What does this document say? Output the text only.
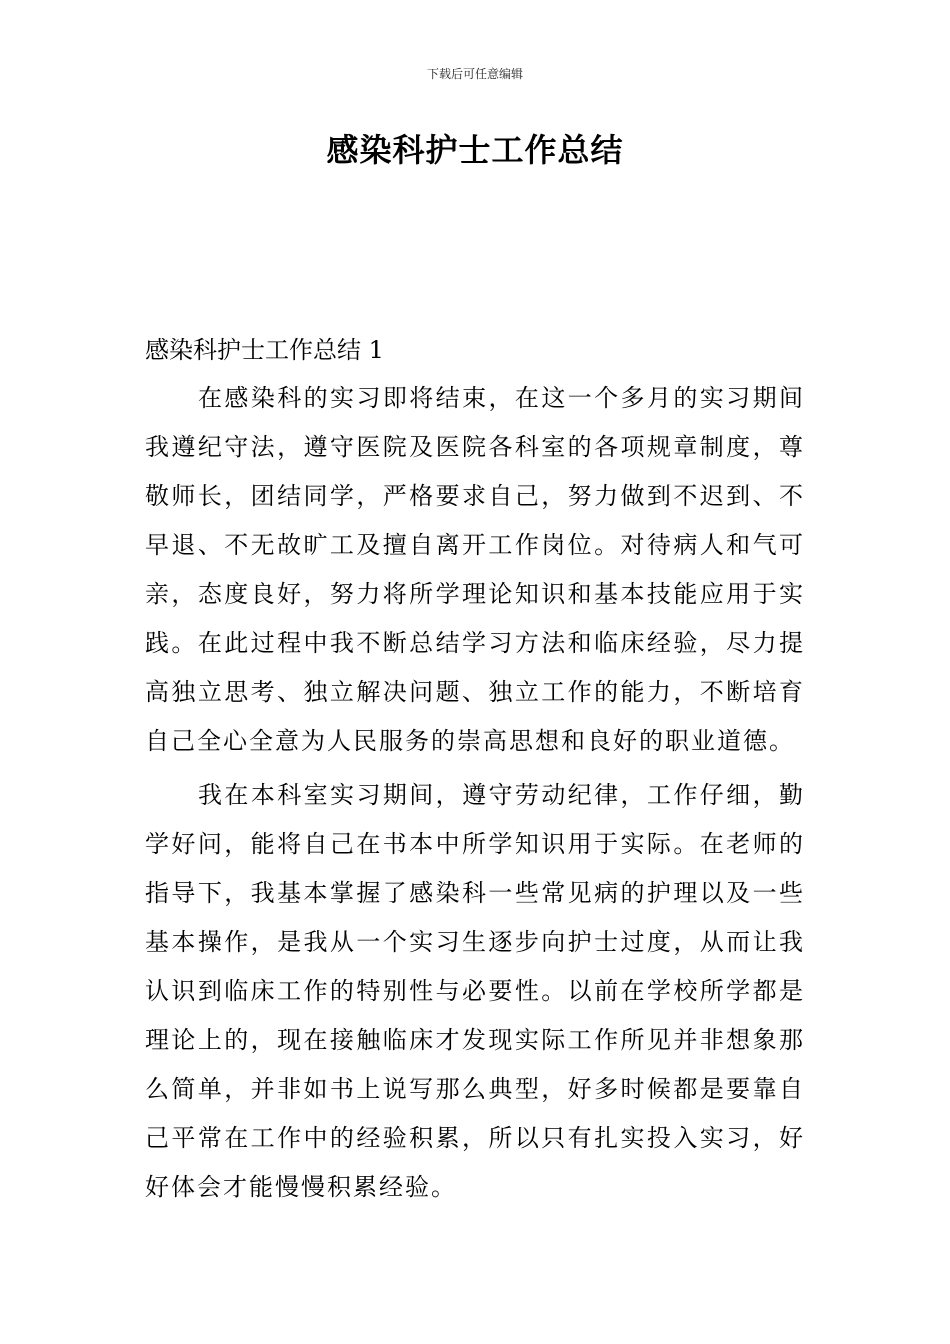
下载后可任意编辑
感染科护士工作总结
感染科护士工作总结 1

在感染科的实习即将结束，在这一个多月的实习期间我遵纪守法，遵守医院及医院各科室的各项规章制度，尊敬师长，团结同学，严格要求自己，努力做到不迟到、不早退、不无故旷工及擅自离开工作岗位。对待病人和气可亲，态度良好，努力将所学理论知识和基本技能应用于实践。在此过程中我不断总结学习方法和临床经验，尽力提高独立思考、独立解决问题、独立工作的能力，不断培育自己全心全意为人民服务的崇高思想和良好的职业道德。

我在本科室实习期间，遵守劳动纪律，工作仔细，勤学好问，能将自己在书本中所学知识用于实际。在老师的指导下，我基本掌握了感染科一些常见病的护理以及一些基本操作，是我从一个实习生逐步向护士过度，从而让我认识到临床工作的特别性与必要性。以前在学校所学都是理论上的，现在接触临床才发现实际工作所见并非想象那么简单，并非如书上说写那么典型，好多时候都是要靠自己平常在工作中的经验积累，所以只有扎实投入实习，好好体会才能慢慢积累经验。
